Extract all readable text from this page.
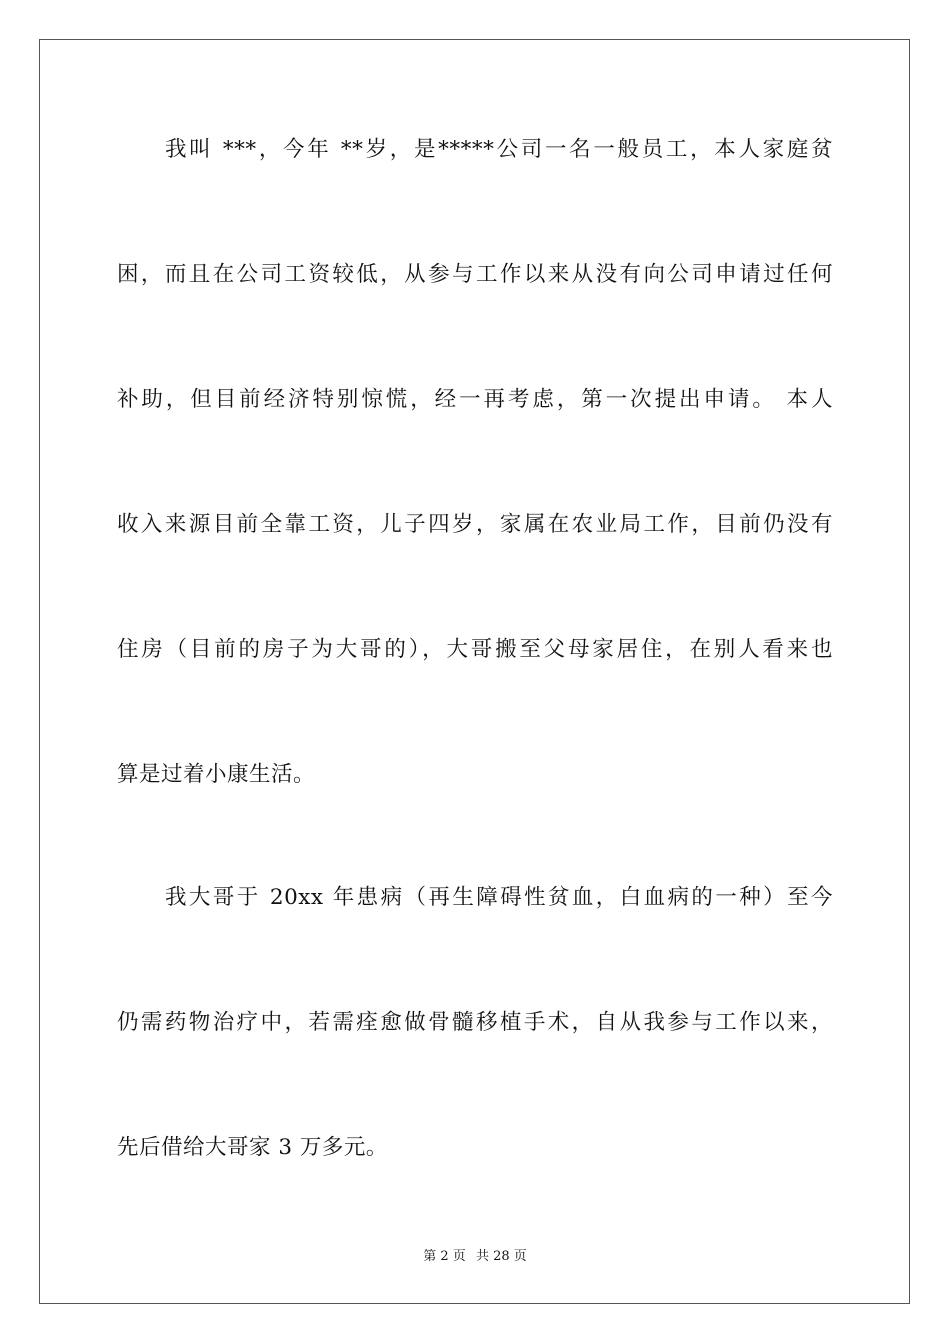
我叫 ***，今年 **岁，是*****公司一名一般员工，本人家庭贫
困，而且在公司工资较低，从参与工作以来从没有向公司申请过任何
补助，但目前经济特别惊慌，经一再考虑，第一次提出申请。 本人
收入来源目前全靠工资，儿子四岁，家属在农业局工作，目前仍没有
住房（目前的房子为大哥的），大哥搬至父母家居住，在别人看来也
算是过着小康生活。
我大哥于 20xx 年患病（再生障碍性贫血，白血病的一种）至今
仍需药物治疗中，若需痊愈做骨髓移植手术，自从我参与工作以来，
先后借给大哥家 3 万多元。
第 2 页 共 28 页
